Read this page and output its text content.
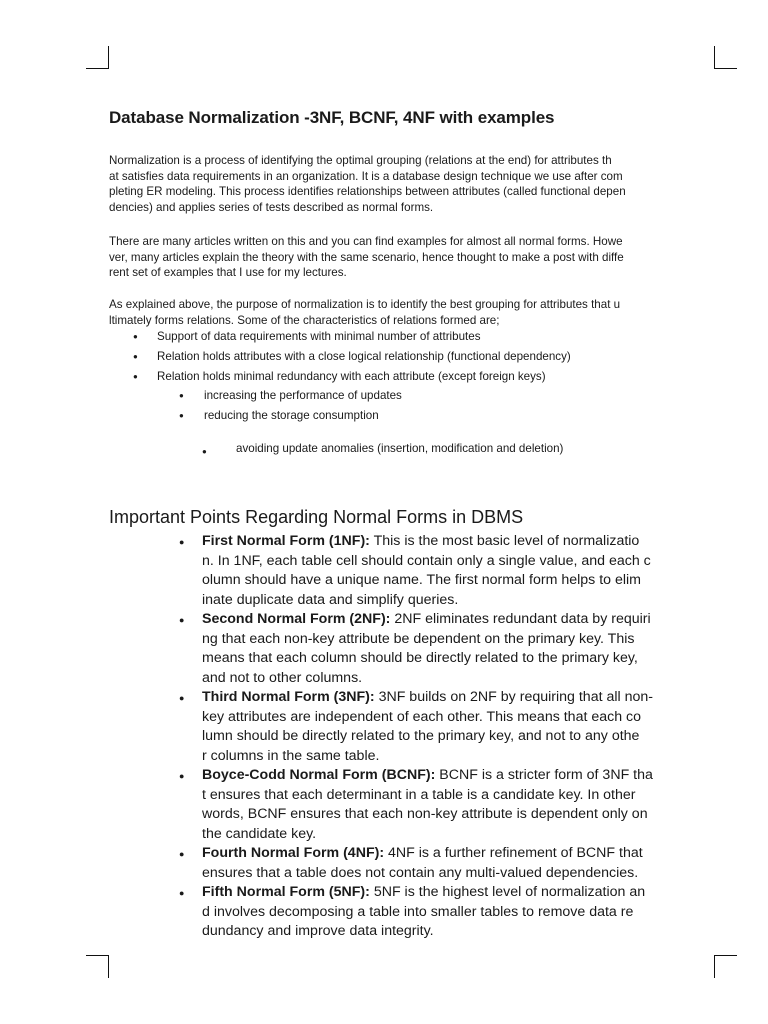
Database Normalization -3NF, BCNF, 4NF with examples

Normalization is a process of identifying the optimal grouping (relations at the end) for attributes th
at satisfies data requirements in an organization. It is a database design technique we use after com
pleting ER modeling. This process identifies relationships between attributes (called functional depen
dencies) and applies series of tests described as normal forms.

There are many articles written on this and you can find examples for almost all normal forms. Howe
ver, many articles explain the theory with the same scenario, hence thought to make a post with diffe
rent set of examples that I use for my lectures.

As explained above, the purpose of normalization is to identify the best grouping for attributes that u
ltimately forms relations. Some of the characteristics of relations formed are;

● Support of data requirements with minimal number of attributes
● Relation holds attributes with a close logical relationship (functional dependency)
● Relation holds minimal redundancy with each attribute (except foreign keys)
● increasing the performance of updates
● reducing the storage consumption
●	avoiding update anomalies (insertion, modification and deletion)
Important Points Regarding Normal Forms in DBMS
● First Normal Form (1NF): This is the most basic level of normalizatio
n. In 1NF, each table cell should contain only a single value, and each c
olumn should have a unique name. The first normal form helps to elim
inate duplicate data and simplify queries.
● Second Normal Form (2NF): 2NF eliminates redundant data by requiri
ng that each non-key attribute be dependent on the primary key. This
means that each column should be directly related to the primary key,
and not to other columns.
● Third Normal Form (3NF): 3NF builds on 2NF by requiring that all non-
key attributes are independent of each other. This means that each co
lumn should be directly related to the primary key, and not to any othe
r columns in the same table.
● Boyce-Codd Normal Form (BCNF): BCNF is a stricter form of 3NF tha
t ensures that each determinant in a table is a candidate key. In other
words, BCNF ensures that each non-key attribute is dependent only on
the candidate key.
● Fourth Normal Form (4NF): 4NF is a further refinement of BCNF that
ensures that a table does not contain any multi-valued dependencies.
● Fifth Normal Form (5NF): 5NF is the highest level of normalization an
d involves decomposing a table into smaller tables to remove data re
dundancy and improve data integrity.
